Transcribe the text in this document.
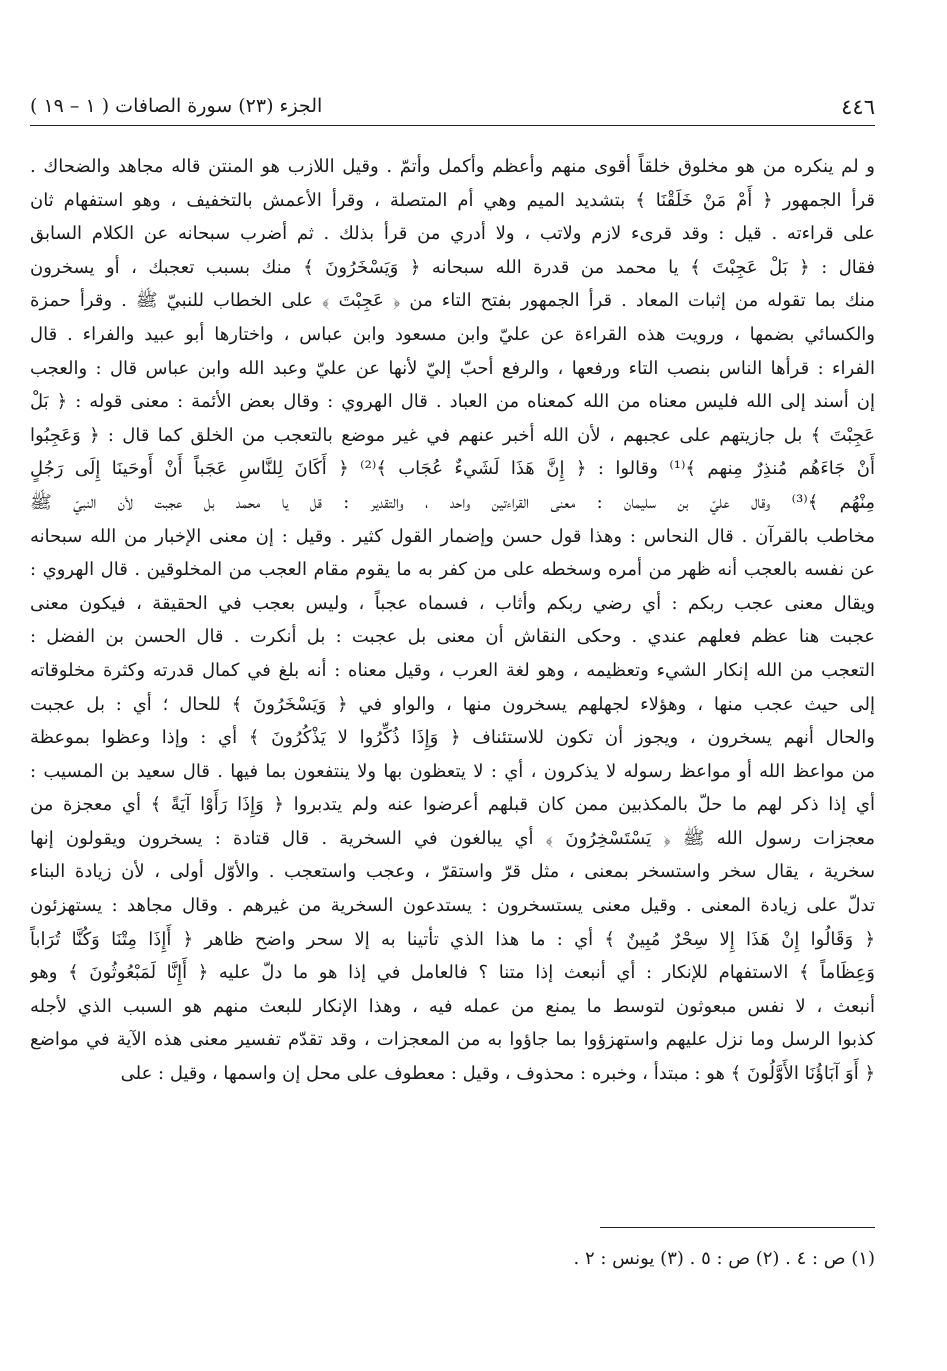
٤٤٦
الجزء (٢٣) سورة الصافات ( ١ – ١٩ )
و لم ينكره من هو مخلوق خلقاً أقوى منهم وأعظم وأكمل وأتمّ . وقيل اللازب هو المنتن قاله مجاهد والضحاك .
قرأ الجمهور ﴿ أَمْ مَنْ خَلَقْنَا ﴾ بتشديد الميم وهي أم المتصلة ، وقرأ الأعمش بالتخفيف ، وهو استفهام ثان
على قراءته . قيل : وقد قرىء لازم ولاتب ، ولا أدري من قرأ بذلك . ثم أضرب سبحانه عن الكلام السابق
فقال : ﴿ بَلْ عَجِبْتَ ﴾ يا محمد من قدرة الله سبحانه ﴿ وَيَسْخَرُونَ ﴾ منك بسبب تعجبك ، أو يسخرون
منك بما تقوله من إثبات المعاد . قرأ الجمهور بفتح التاء من ﴿ عَجِبْتَ ﴾ على الخطاب للنبيّ ﷺ . وقرأ حمزة
والكسائي بضمها ، ورويت هذه القراءة عن عليّ وابن مسعود وابن عباس ، واختارها أبو عبيد والفراء . قال
الفراء : قرأها الناس بنصب التاء ورفعها ، والرفع أحبّ إليّ لأنها عن عليّ وعبد الله وابن عباس قال : والعجب
إن أسند إلى الله فليس معناه من الله كمعناه من العباد . قال الهروي : وقال بعض الأئمة : معنى قوله : ﴿ بَلْ
عَجِبْتَ ﴾ بل جازيتهم على عجبهم ، لأن الله أخبر عنهم في غير موضع بالتعجب من الخلق كما قال : ﴿ وَعَجِبُوا
أَنْ جَاءَهُم مُنذِرٌ مِنهم ﴾⁽¹⁾ وقالوا : ﴿ إِنَّ هَذَا لَشَيءٌ عُجَاب ﴾⁽²⁾ ﴿ أَكَانَ لِلنَّاسِ عَجَباً أَنْ أَوحَينَا إِلَى رَجُلٍ
مِنْهُم ﴾⁽³⁾ وقال عليّ بن سليمان : معنى القراءتين واحد ، والتقدير : قل يا محمد بل عجبت لأن النبيّ ﷺ
مخاطب بالقرآن . قال النحاس : وهذا قول حسن وإضمار القول كثير . وقيل : إن معنى الإخبار من الله سبحانه
عن نفسه بالعجب أنه ظهر من أمره وسخطه على من كفر به ما يقوم مقام العجب من المخلوقين . قال الهروي :
ويقال معنى عجب ربكم : أي رضي ربكم وأثاب ، فسماه عجباً ، وليس بعجب في الحقيقة ، فيكون معنى
عجبت هنا عظم فعلهم عندي . وحكى النقاش أن معنى بل عجبت : بل أنكرت . قال الحسن بن الفضل :
التعجب من الله إنكار الشيء وتعظيمه ، وهو لغة العرب ، وقيل معناه : أنه بلغ في كمال قدرته وكثرة مخلوقاته
إلى حيث عجب منها ، وهؤلاء لجهلهم يسخرون منها ، والواو في ﴿ وَيَسْخَرُونَ ﴾ للحال ؛ أي : بل عجبت
والحال أنهم يسخرون ، ويجوز أن تكون للاستئناف ﴿ وَإِذَا ذُكِّرُوا لا يَذْكُرُونَ ﴾ أي : وإذا وعظوا بموعظة
من مواعظ الله أو مواعظ رسوله لا يذكرون ، أي : لا يتعظون بها ولا ينتفعون بما فيها . قال سعيد بن المسيب :
أي إذا ذكر لهم ما حلّ بالمكذبين ممن كان قبلهم أعرضوا عنه ولم يتدبروا ﴿ وَإِذَا رَأَوْا آيَةً ﴾ أي معجزة من
معجزات رسول الله ﷺ ﴿ يَسْتَسْخِرُونَ ﴾ أي يبالغون في السخرية . قال قتادة : يسخرون ويقولون إنها
سخرية ، يقال سخر واستسخر بمعنى ، مثل قرّ واستقرّ ، وعجب واستعجب . والأوّل أولى ، لأن زيادة البناء
تدلّ على زيادة المعنى . وقيل معنى يستسخرون : يستدعون السخرية من غيرهم . وقال مجاهد : يستهزئون
﴿ وَقَالُوا إِنْ هَذَا إِلا سِحْرٌ مُبِينٌ ﴾ أي : ما هذا الذي تأتينا به إلا سحر واضح ظاهر ﴿ أَإِذَا مِتْنَا وَكُنَّا تُرَاباً
وَعِظَاماً ﴾ الاستفهام للإنكار : أي أنبعث إذا متنا ؟ فالعامل في إذا هو ما دلّ عليه ﴿ أَإِنَّا لَمَبْعُوثُونَ ﴾ وهو
أنبعث ، لا نفس مبعوثون لتوسط ما يمنع من عمله فيه ، وهذا الإنكار للبعث منهم هو السبب الذي لأجله
كذبوا الرسل وما نزل عليهم واستهزؤوا بما جاؤوا به من المعجزات ، وقد تقدّم تفسير معنى هذه الآية في مواضع
﴿ أَوَ آبَاؤُنَا الأَوَّلُونَ ﴾ هو : مبتدأ ، وخبره : محذوف ، وقيل : معطوف على محل إن واسمها ، وقيل : على
(١) ص : ٤ . (٢) ص : ٥ . (٣) يونس : ٢ .
